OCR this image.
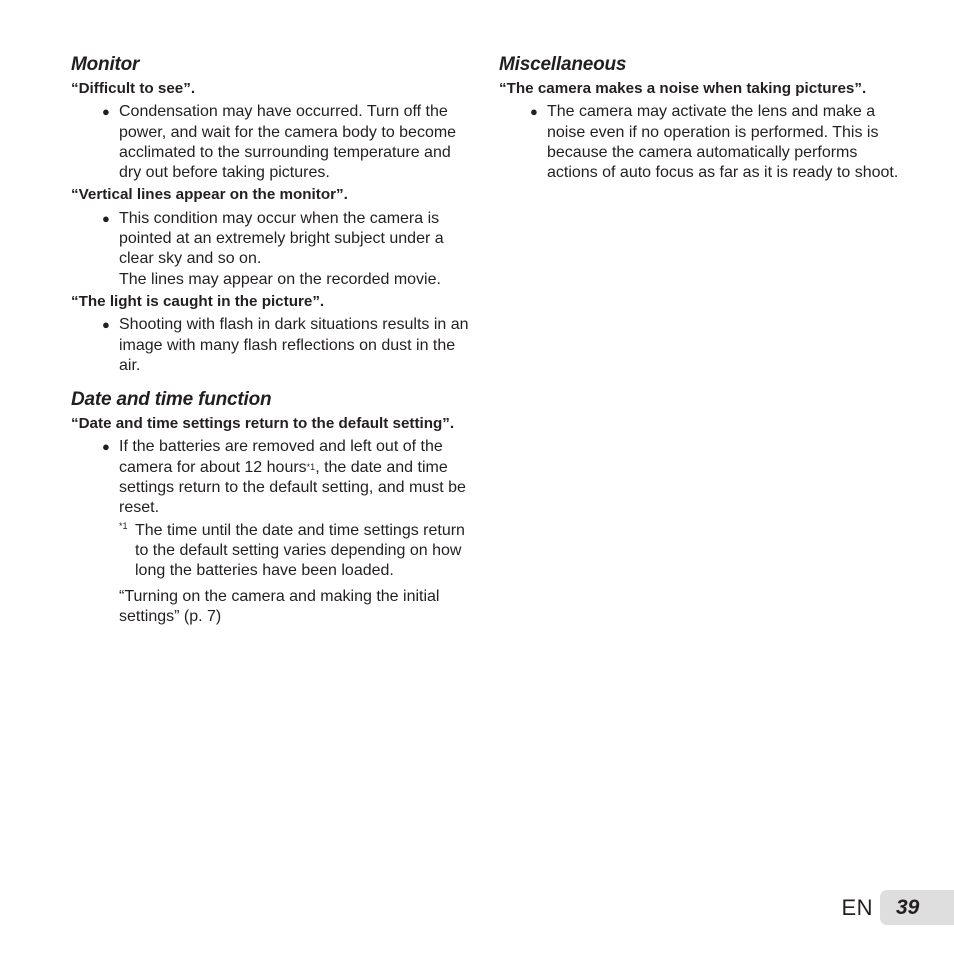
Monitor

“Difficult to see”.

● Condensation may have occurred. Turn off the power, and wait for the camera body to become acclimated to the surrounding temperature and dry out before taking pictures.

“Vertical lines appear on the monitor”.

● This condition may occur when the camera is pointed at an extremely bright subject under a clear sky and so on.
The lines may appear on the recorded movie.

“The light is caught in the picture”.

● Shooting with flash in dark situations results in an image with many flash reflections on dust in the air.
Date and time function

“Date and time settings return to the default setting”.

● If the batteries are removed and left out of the camera for about 12 hours$^{*1}$, the date and time settings return to the default setting, and must be reset.
*1 The time until the date and time settings return to the default setting varies depending on how long the batteries have been loaded.

“Turning on the camera and making the initial settings” (p. 7)

Miscellaneous

“The camera makes a noise when taking pictures”.

● The camera may activate the lens and make a noise even if no operation is performed. This is because the camera automatically performs actions of auto focus as far as it is ready to shoot.
EN	39
